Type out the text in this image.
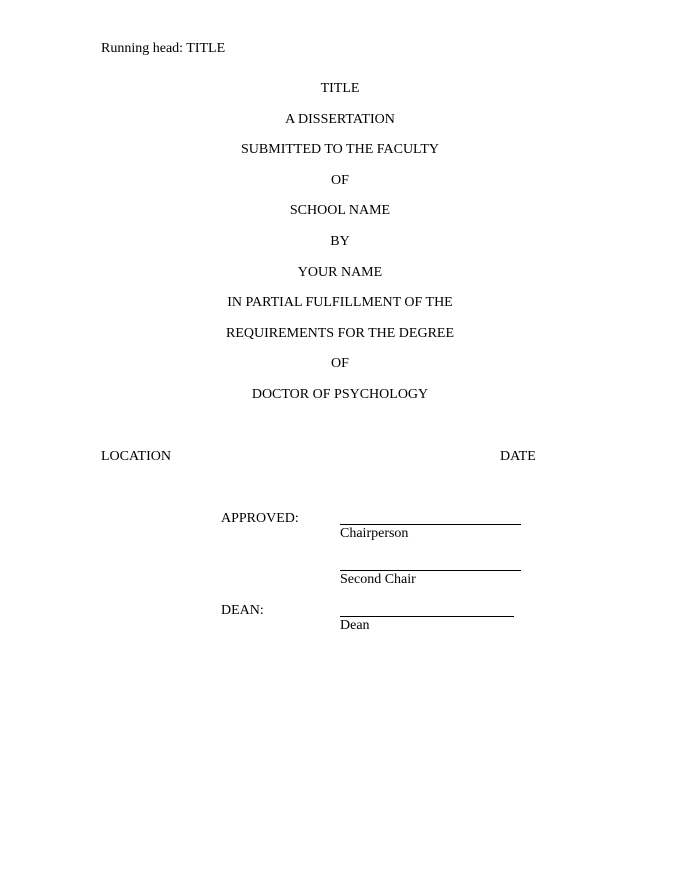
Running head: TITLE
TITLE
A DISSERTATION
SUBMITTED TO THE FACULTY
OF
SCHOOL NAME
BY
YOUR NAME
IN PARTIAL FULFILLMENT OF THE
REQUIREMENTS FOR THE DEGREE
OF
DOCTOR OF PSYCHOLOGY
LOCATION	DATE
APPROVED:
Chairperson
Second Chair
DEAN:
Dean
